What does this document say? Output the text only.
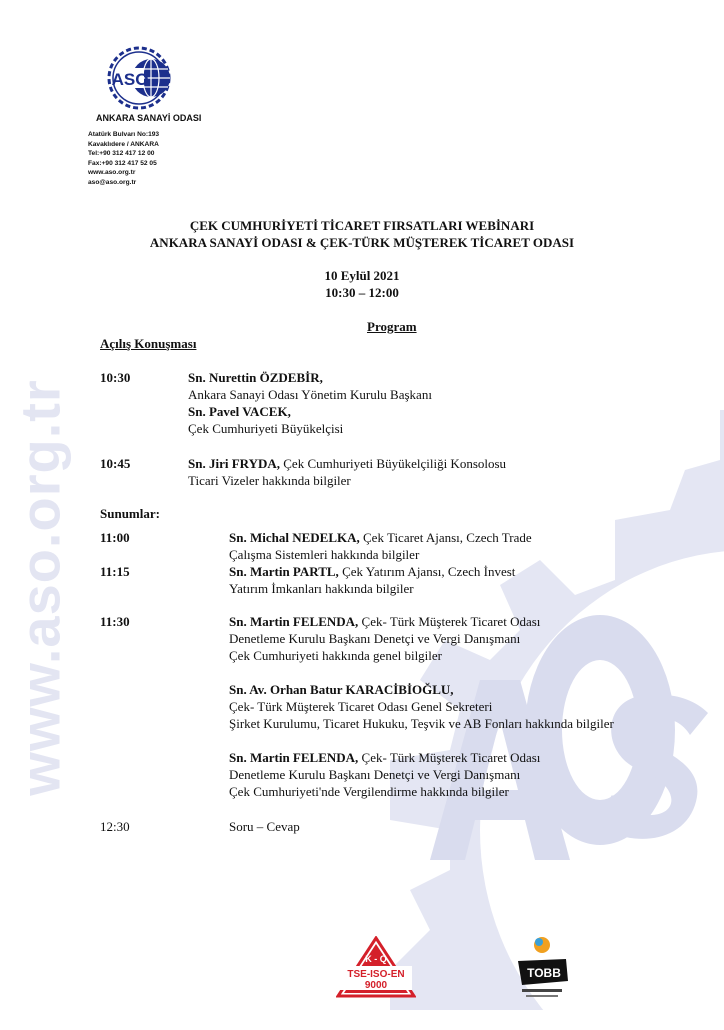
www.aso.org.tr
ASO
ANKARA SANAYİ ODASI
Atatürk Bulvarı No:193
Kavaklıdere / ANKARA
Tel:+90 312 417 12 00
Fax:+90 312 417 52 05
www.aso.org.tr
aso@aso.org.tr
ÇEK CUMHURİYETİ TİCARET FIRSATLARI WEBİNARI
ANKARA SANAYİ ODASI & ÇEK-TÜRK MÜŞTEREK TİCARET ODASI
10 Eylül 2021
10:30 – 12:00
Program
Açılış Konuşması
10:30	Sn. Nurettin ÖZDEBİR,
Ankara Sanayi Odası Yönetim Kurulu Başkanı
Sn. Pavel VACEK,
Çek Cumhuriyeti Büyükelçisi
10:45	Sn. Jiri FRYDA, Çek Cumhuriyeti Büyükelçiliği Konsolosu
Ticari Vizeler hakkında bilgiler
Sunumlar:
11:00	Sn. Michal NEDELKA, Çek Ticaret Ajansı, Czech Trade
Çalışma Sistemleri hakkında bilgiler
11:15	Sn. Martin PARTL, Çek Yatırım Ajansı, Czech İnvest
Yatırım İmkanları hakkında bilgiler
11:30	Sn. Martin FELENDA, Çek- Türk Müşterek Ticaret Odası
Denetleme Kurulu Başkanı Denetçi ve Vergi Danışmanı
Çek Cumhuriyeti hakkında genel bilgiler
Sn. Av. Orhan Batur KARACİBİOĞLU,
Çek- Türk Müşterek Ticaret Odası Genel Sekreteri
Şirket Kurulumu, Ticaret Hukuku, Teşvik ve AB Fonları hakkında bilgiler
Sn. Martin FELENDA, Çek- Türk Müşterek Ticaret Odası
Denetleme Kurulu Başkanı Denetçi ve Vergi Danışmanı
Çek Cumhuriyeti'nde Vergilendirme hakkında bilgiler
12:30	Soru – Cevap
K - Q
TSE-ISO-EN
9000
TOBB
